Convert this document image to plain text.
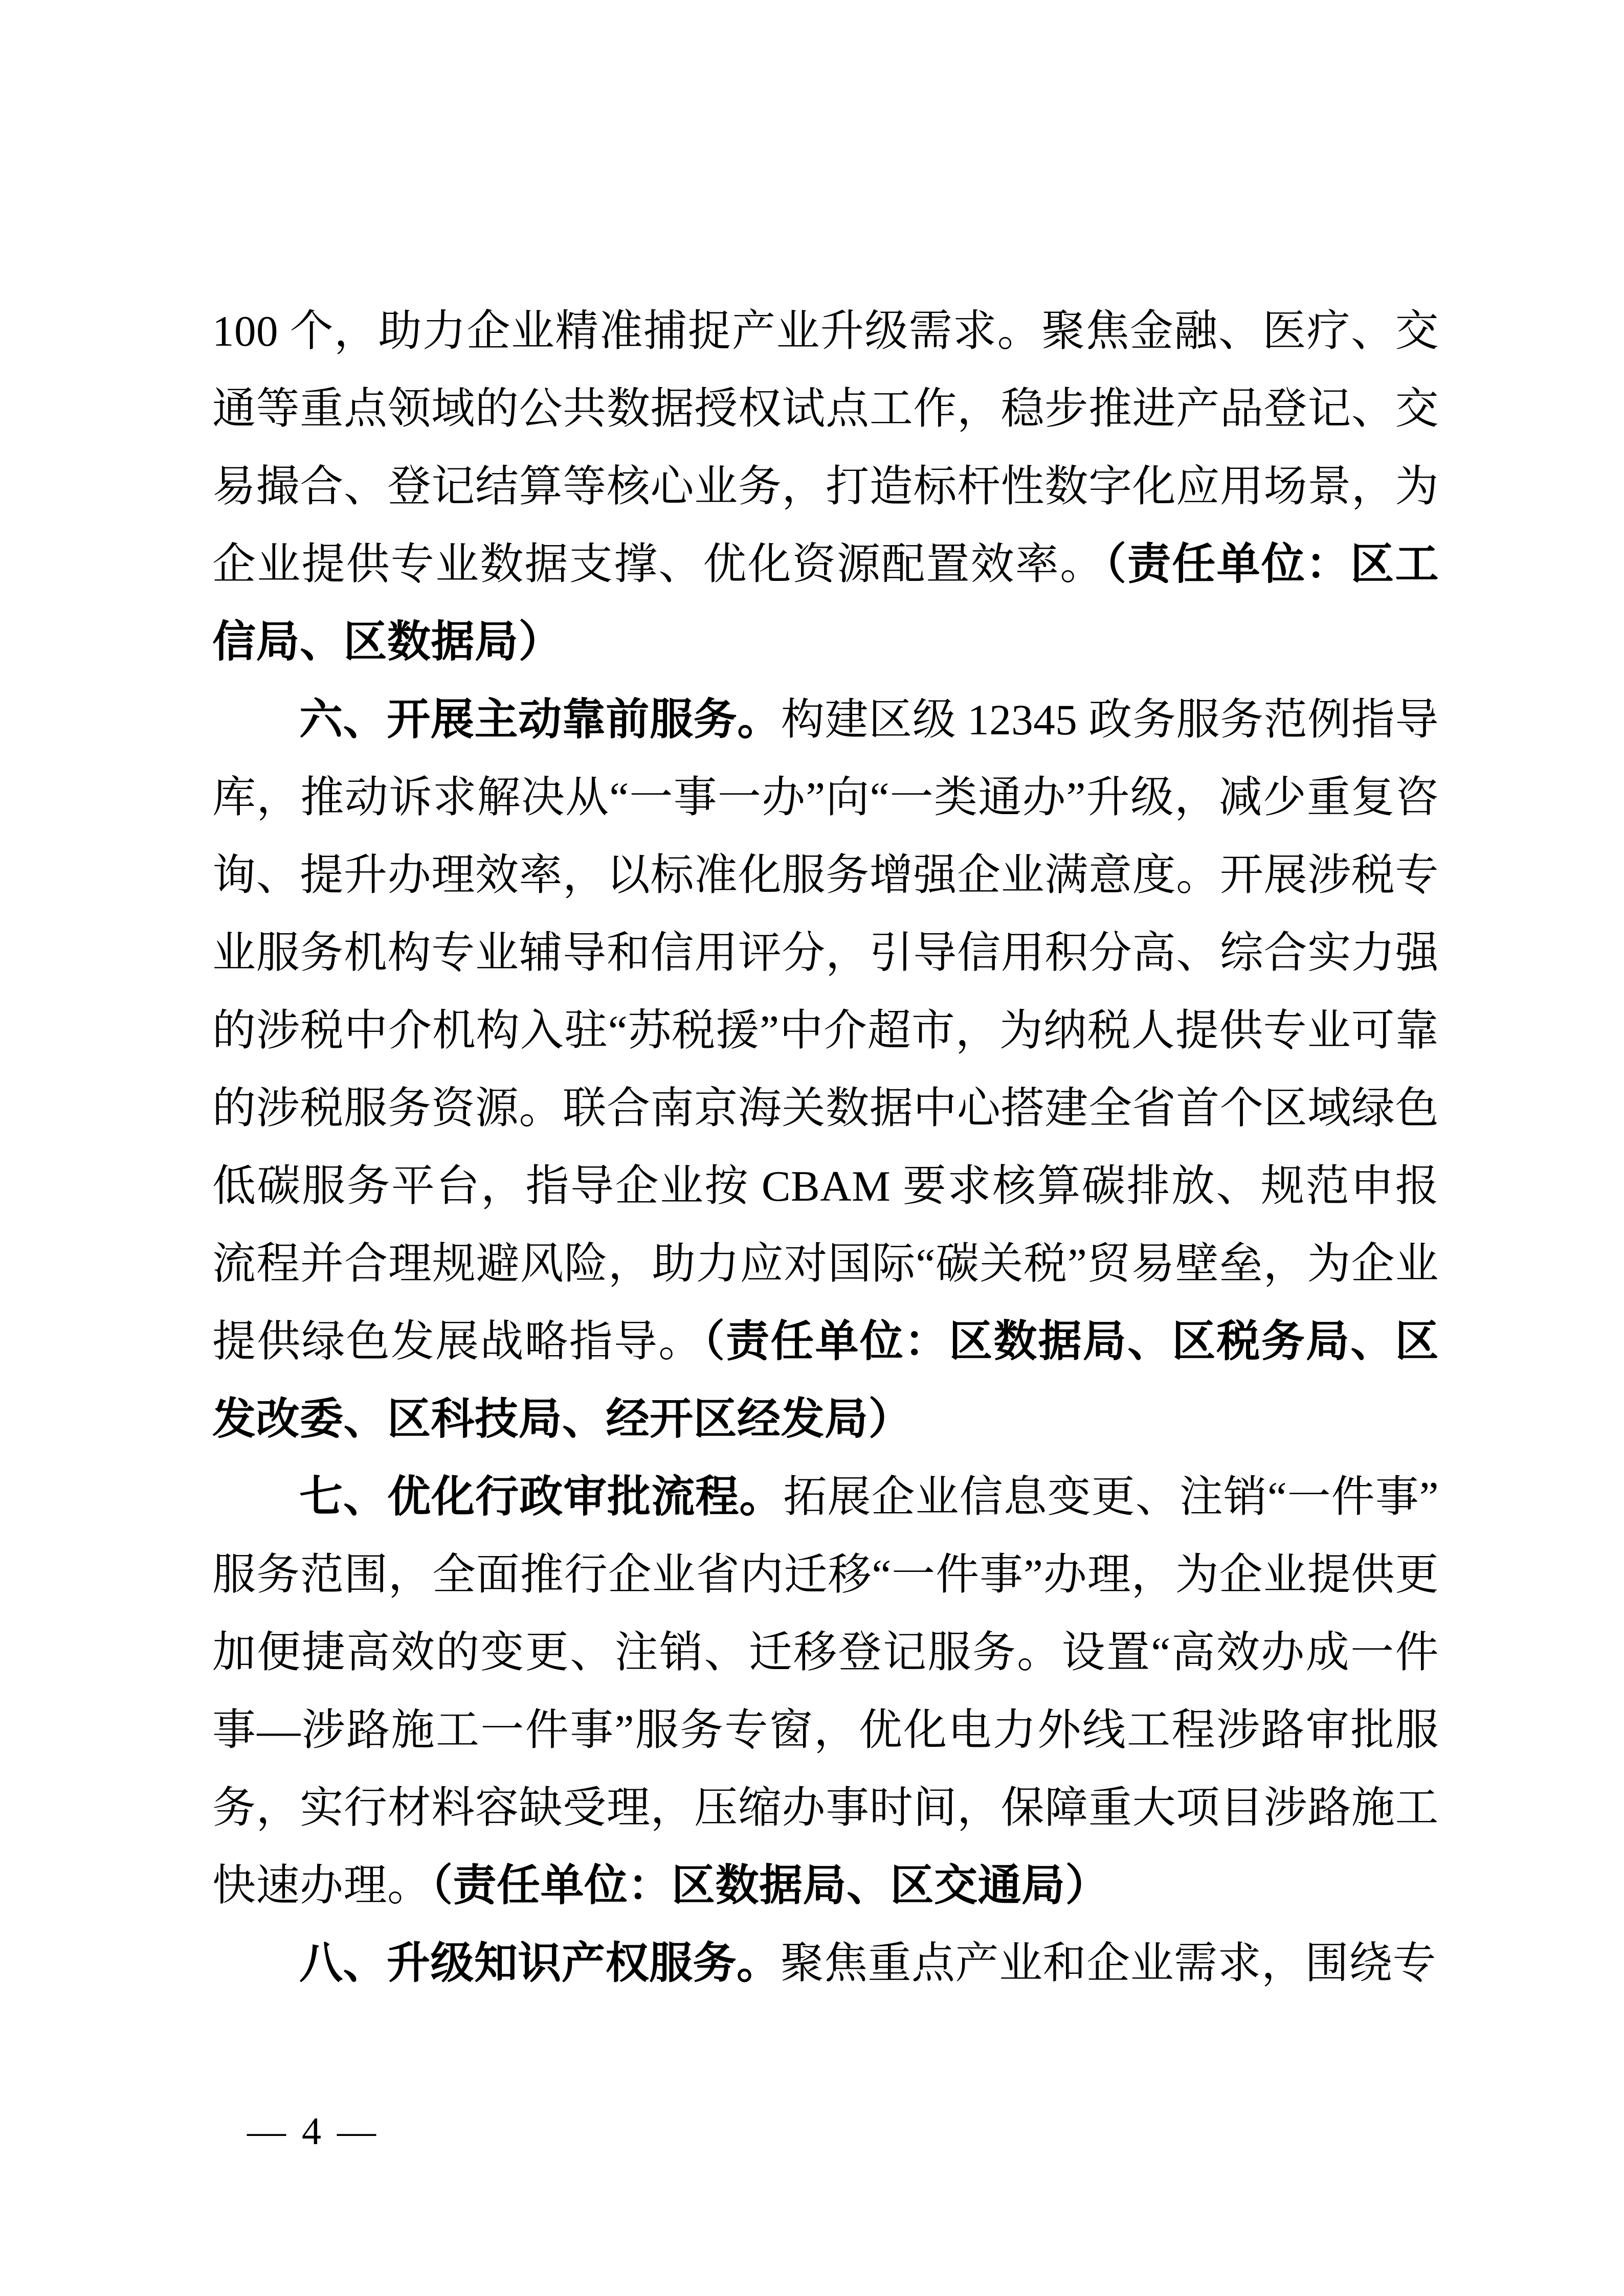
100 个，助力企业精准捕捉产业升级需求。聚焦金融、医疗、交通等重点领域的公共数据授权试点工作，稳步推进产品登记、交易撮合、登记结算等核心业务，打造标杆性数字化应用场景，为企业提供专业数据支撑、优化资源配置效率。（责任单位：区工信局、区数据局）

六、开展主动靠前服务。构建区级 12345 政务服务范例指导库，推动诉求解决从“一事一办”向“一类通办”升级，减少重复咨询、提升办理效率，以标准化服务增强企业满意度。开展涉税专业服务机构专业辅导和信用评分，引导信用积分高、综合实力强的涉税中介机构入驻“苏税援”中介超市，为纳税人提供专业可靠的涉税服务资源。联合南京海关数据中心搭建全省首个区域绿色低碳服务平台，指导企业按 CBAM 要求核算碳排放、规范申报流程并合理规避风险，助力应对国际“碳关税”贸易壁垒，为企业提供绿色发展战略指导。（责任单位：区数据局、区税务局、区发改委、区科技局、经开区经发局）

七、优化行政审批流程。拓展企业信息变更、注销“一件事”服务范围，全面推行企业省内迁移“一件事”办理，为企业提供更加便捷高效的变更、注销、迁移登记服务。设置“高效办成一件事—涉路施工一件事”服务专窗，优化电力外线工程涉路审批服务，实行材料容缺受理，压缩办事时间，保障重大项目涉路施工快速办理。（责任单位：区数据局、区交通局）

八、升级知识产权服务。聚焦重点产业和企业需求，围绕专

— 4 —
